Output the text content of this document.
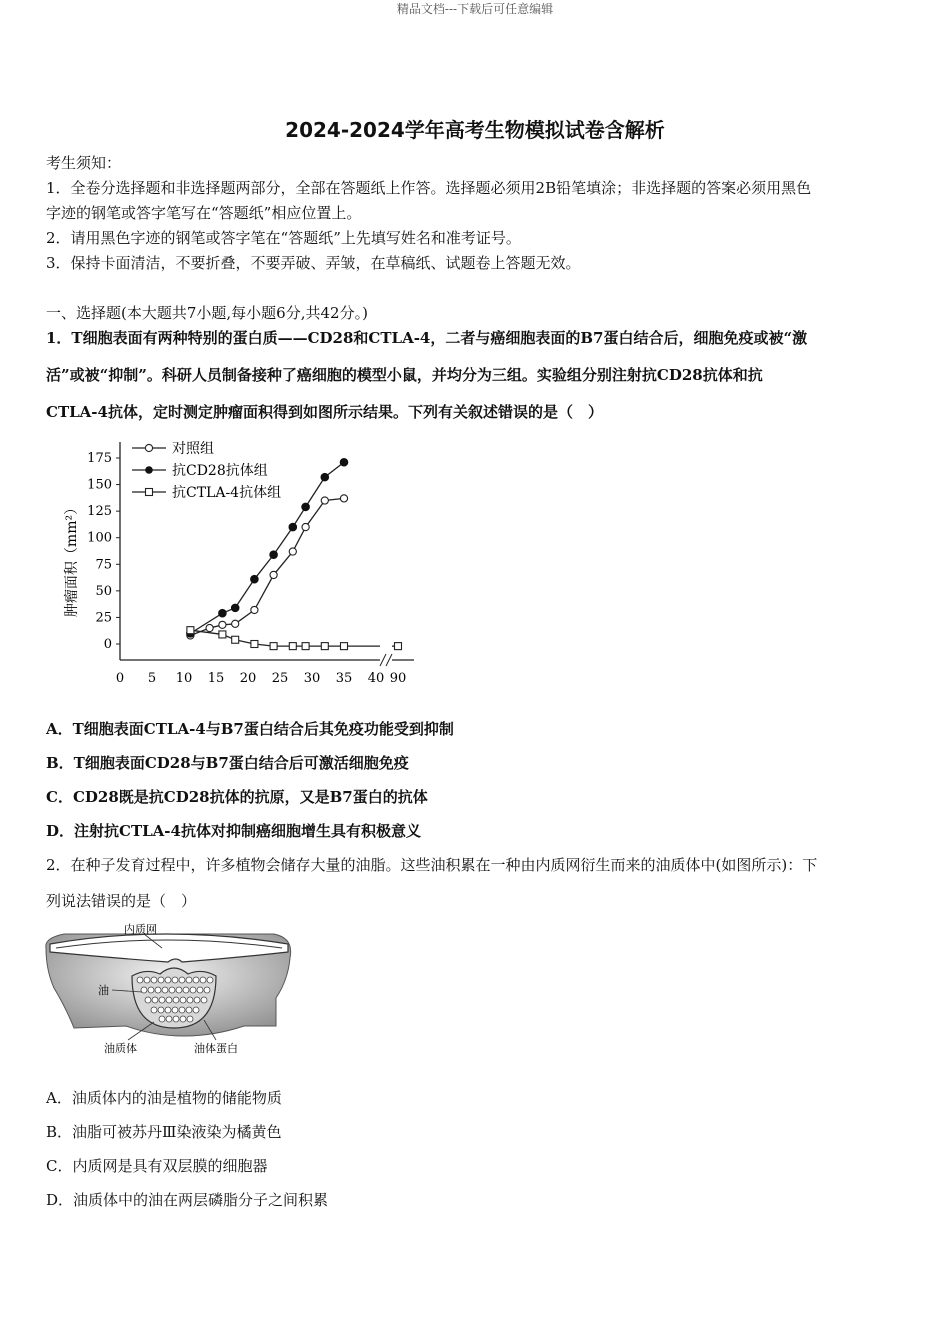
精品文档---下载后可任意编辑
2024-2024学年高考生物模拟试卷含解析
考生须知：
1．全卷分选择题和非选择题两部分，全部在答题纸上作答。选择题必须用2B铅笔填涂；非选择题的答案必须用黑色
字迹的钢笔或答字笔写在“答题纸”相应位置上。
2．请用黑色字迹的钢笔或答字笔在“答题纸”上先填写姓名和准考证号。
3．保持卡面清洁，不要折叠，不要弄破、弄皱，在草稿纸、试题卷上答题无效。
一、选择题(本大题共7小题,每小题6分,共42分。)
1．T细胞表面有两种特别的蛋白质——CD28和CTLA-4，二者与癌细胞表面的B7蛋白结合后，细胞免疫或被“激
活”或被“抑制”。科研人员制备接种了癌细胞的模型小鼠，并均分为三组。实验组分别注射抗CD28抗体和抗
CTLA-4抗体，定时测定肿瘤面积得到如图所示结果。下列有关叙述错误的是（　）
0
25
50
75
100
125
150
175
0 5 10 15 20 25 30 35 40 90
肿瘤面积（mm²）
对照组
抗CD28抗体组
抗CTLA-4抗体组
A．T细胞表面CTLA-4与B7蛋白结合后其免疫功能受到抑制
B．T细胞表面CD28与B7蛋白结合后可激活细胞免疫
C．CD28既是抗CD28抗体的抗原，又是B7蛋白的抗体
D．注射抗CTLA-4抗体对抑制癌细胞增生具有积极意义
2．在种子发育过程中，许多植物会储存大量的油脂。这些油积累在一种由内质网衍生而来的油质体中(如图所示)：下
列说法错误的是（　）
内质网
油
油质体	油体蛋白
A．油质体内的油是植物的储能物质
B．油脂可被苏丹Ⅲ染液染为橘黄色
C．内质网是具有双层膜的细胞器
D．油质体中的油在两层磷脂分子之间积累
